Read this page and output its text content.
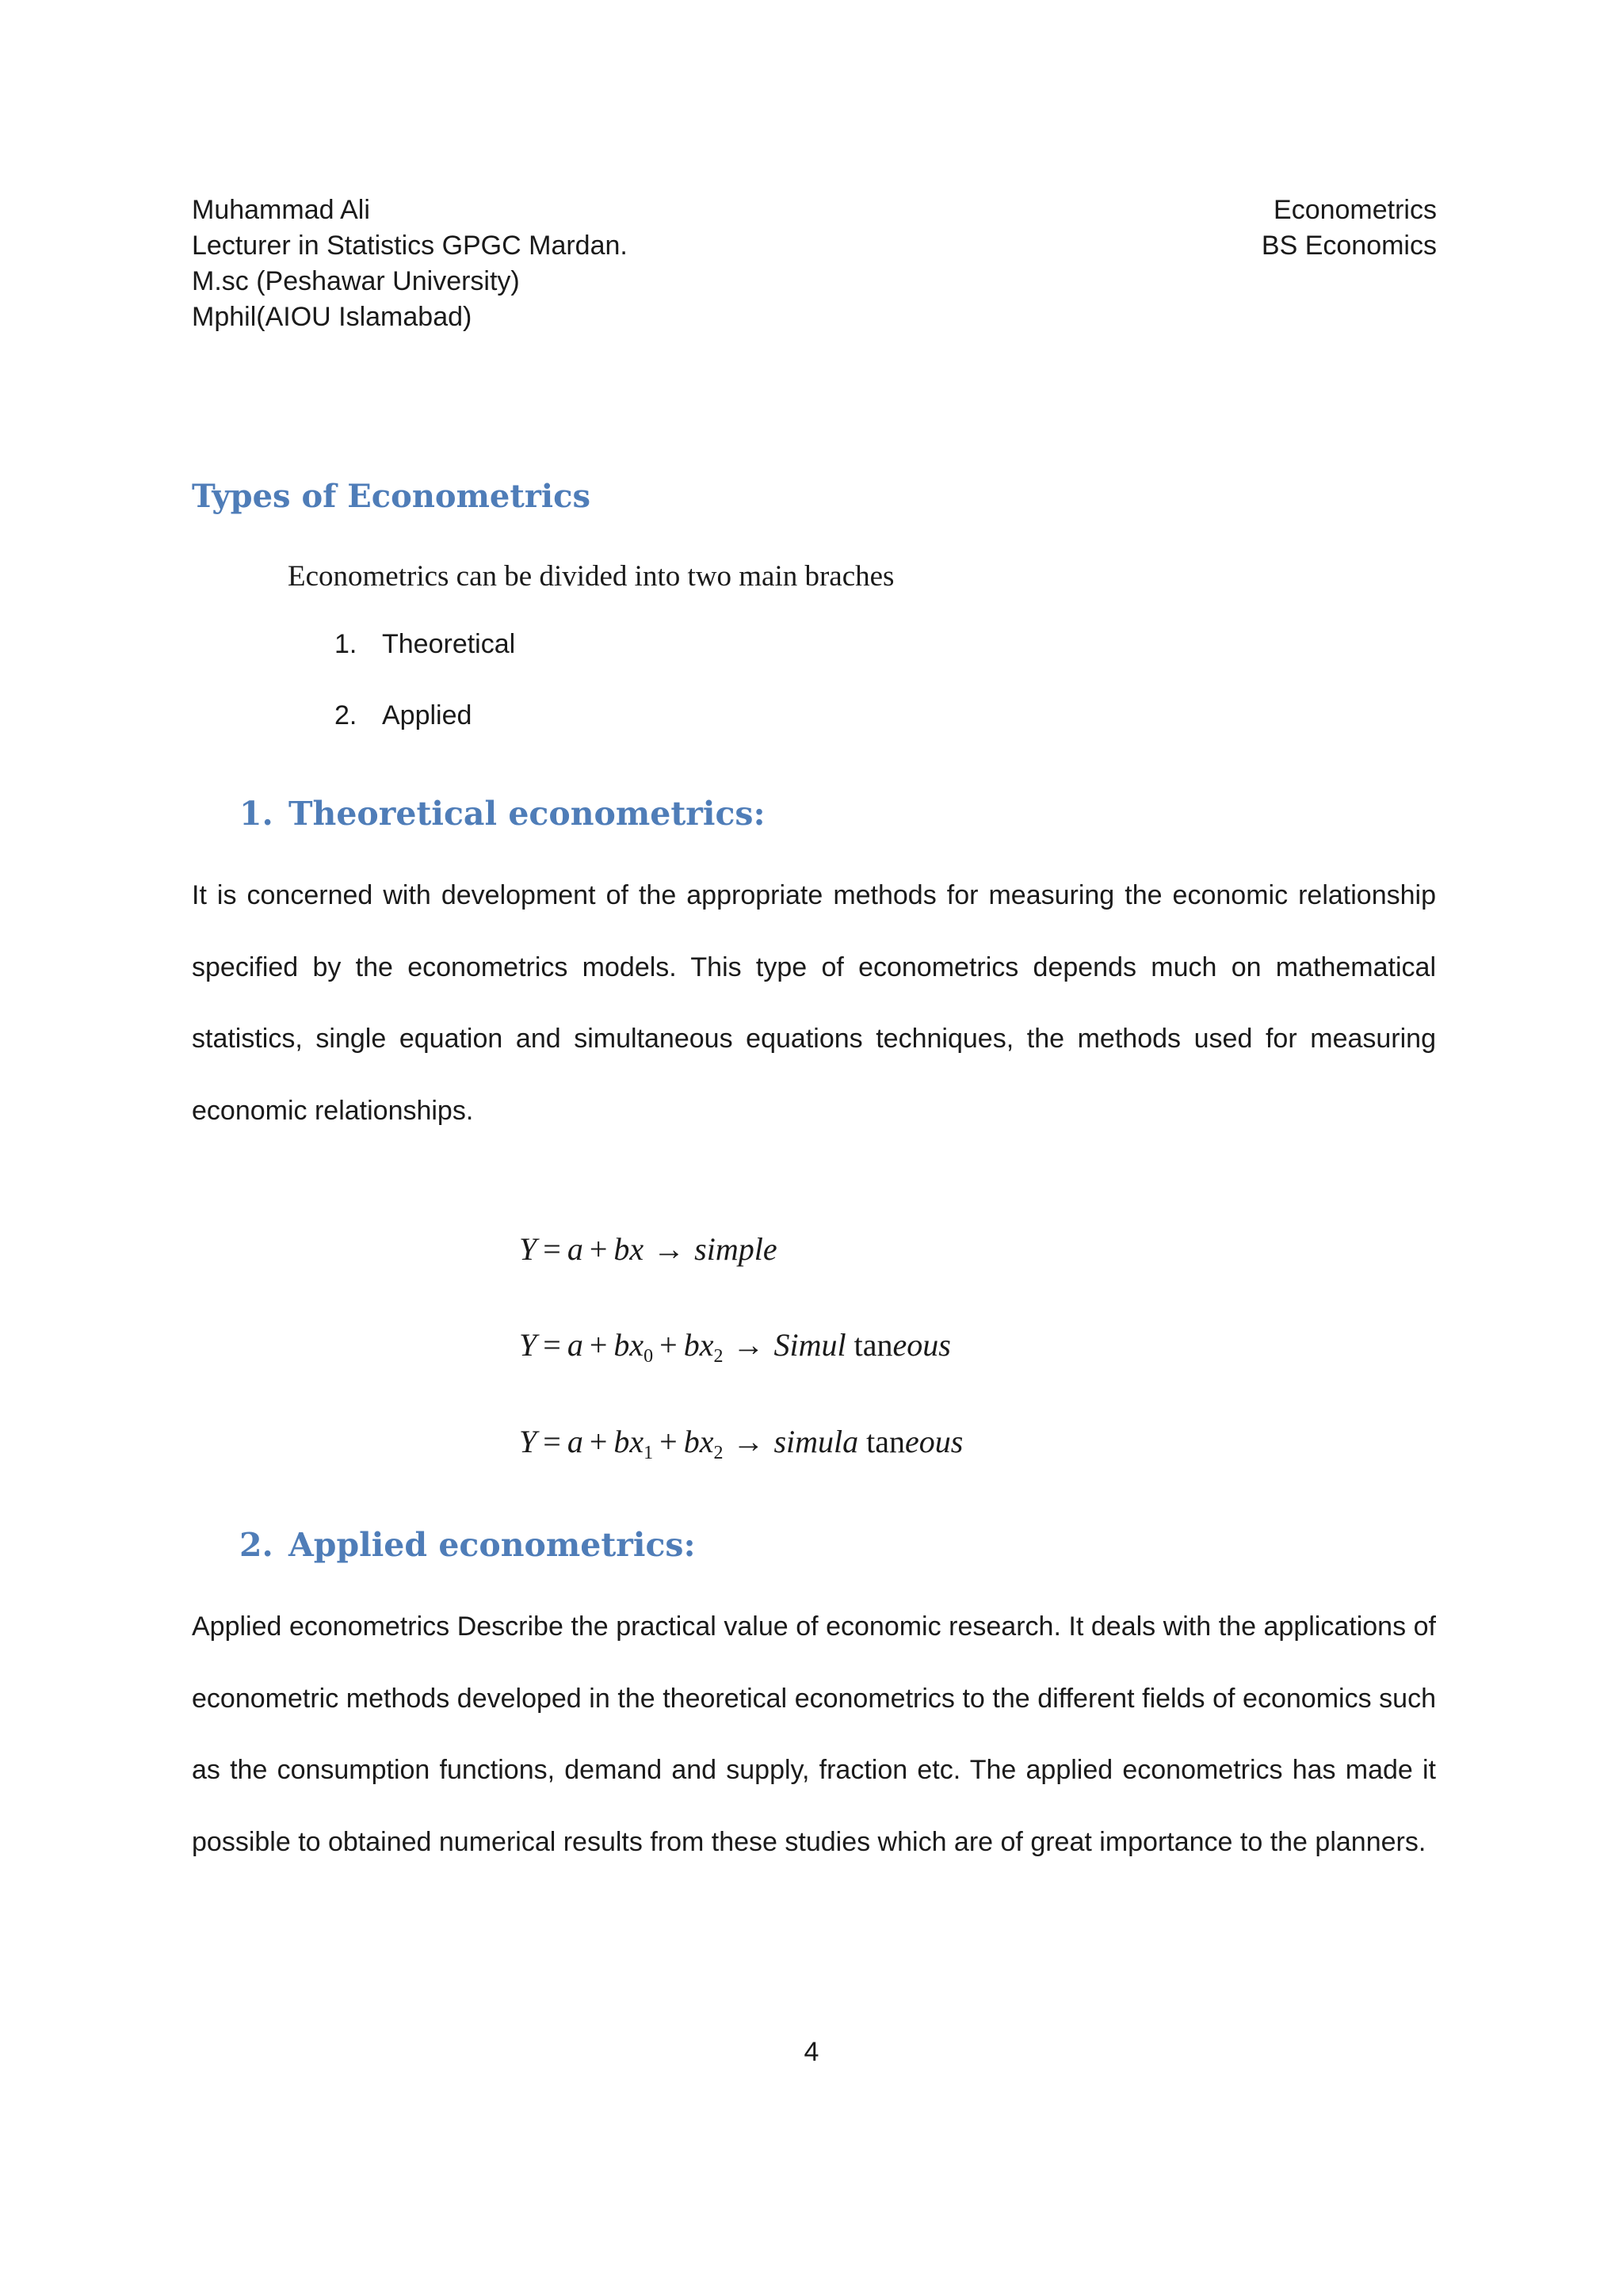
Muhammad Ali
Lecturer in Statistics GPGC Mardan.
M.sc (Peshawar University)
Mphil(AIOU Islamabad)
Econometrics
BS Economics
Types of Econometrics
Econometrics can be divided into two main braches
1. Theoretical
2. Applied
1. Theoretical econometrics:
It is concerned with development of the appropriate methods for measuring the economic relationship specified by the econometrics models. This type of econometrics depends much on mathematical statistics, single equation and simultaneous equations techniques, the methods used for measuring economic relationships.
Y = a + bx → simple
$Y = a + bx_0 + bx_2$ → Simul taneous
$Y = a + bx_1 + bx_2$ → simula taneous
2. Applied econometrics:
Applied econometrics Describe the practical value of economic research. It deals with the applications of econometric methods developed in the theoretical econometrics to the different fields of economics such as the consumption functions, demand and supply, fraction etc. The applied econometrics has made it possible to obtained numerical results from these studies which are of great importance to the planners.
4
